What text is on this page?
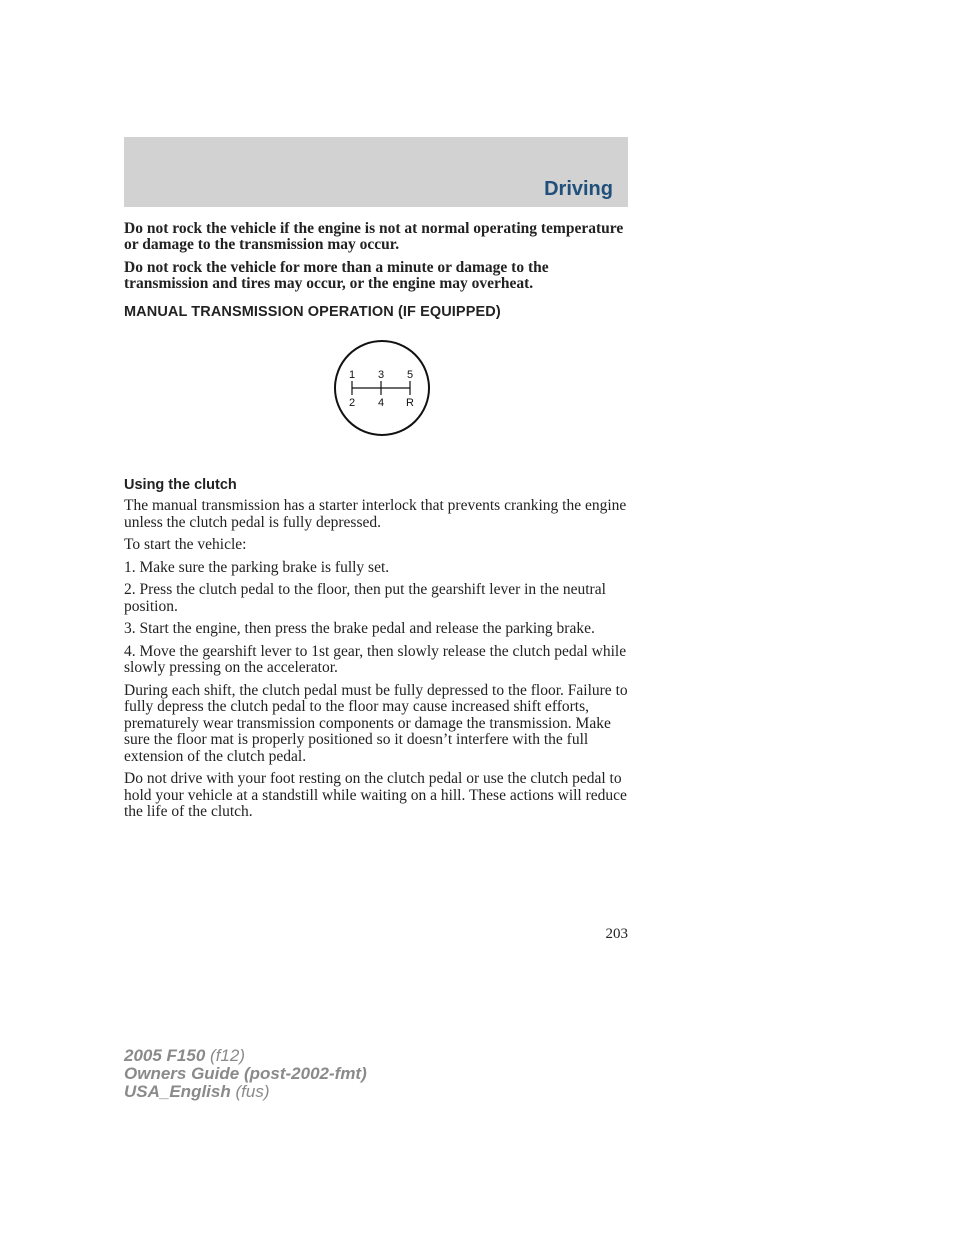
Driving

Do not rock the vehicle if the engine is not at normal operating temperature or damage to the transmission may occur.

Do not rock the vehicle for more than a minute or damage to the transmission and tires may occur, or the engine may overheat.

MANUAL TRANSMISSION OPERATION (IF EQUIPPED)
1 3 5
2 4 R
Using the clutch

The manual transmission has a starter interlock that prevents cranking the engine unless the clutch pedal is fully depressed.

To start the vehicle:

1. Make sure the parking brake is fully set.

2. Press the clutch pedal to the floor, then put the gearshift lever in the neutral position.

3. Start the engine, then press the brake pedal and release the parking brake.

4. Move the gearshift lever to 1st gear, then slowly release the clutch pedal while slowly pressing on the accelerator.

During each shift, the clutch pedal must be fully depressed to the floor. Failure to fully depress the clutch pedal to the floor may cause increased shift efforts, prematurely wear transmission components or damage the transmission. Make sure the floor mat is properly positioned so it doesn’t interfere with the full extension of the clutch pedal.

Do not drive with your foot resting on the clutch pedal or use the clutch pedal to hold your vehicle at a standstill while waiting on a hill. These actions will reduce the life of the clutch.

203
2005 F150 (f12)
Owners Guide (post-2002-fmt)
USA_English (fus)
